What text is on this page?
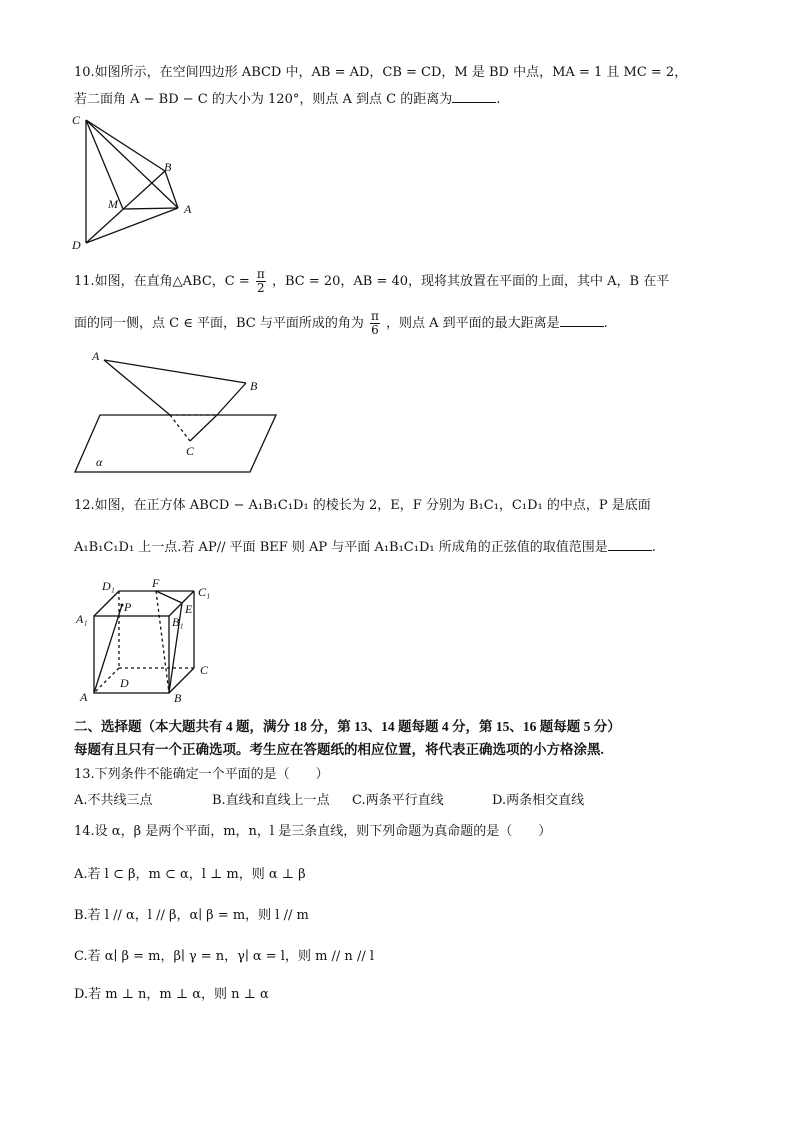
10.如图所示，在空间四边形 ABCD 中，AB = AD，CB = CD，M 是 BD 中点，MA = 1 且 MC = 2，
若二面角 A − BD − C 的大小为 120°，则点 A 到点 C 的距离为	.
C
B
M	A
D
11.如图，在直角△ABC，$C = \frac{\pi}{2}$ ，BC = 20，AB = 40，现将其放置在平面的上面，其中 A，B 在平
面的同一侧，点 C ∈ 平面，BC 与平面所成的角为 $\frac{\pi}{6}$ ，则点 A 到平面的最大距离是	.
A
B
C
α
12.如图，在正方体 ABCD − A₁B₁C₁D₁ 的棱长为 2，E，F 分别为 B₁C₁，C₁D₁ 的中点，P 是底面
A₁B₁C₁D₁ 上一点.若 AP// 平面 BEF 则 AP 与平面 A₁B₁C₁D₁ 所成角的正弦值的取值范围是	.
D₁	F
C₁
P	E
A₁	B₁
C
D
A	B
二、选择题（本大题共有 4 题，满分 18 分，第 13、14 题每题 4 分，第 15、16 题每题 5 分）
每题有且只有一个正确选项。考生应在答题纸的相应位置，将代表正确选项的小方格涂黑.
13.下列条件不能确定一个平面的是（　　）
A.不共线三点	B.直线和直线上一点 C.两条平行直线	D.两条相交直线
14.设 α，β 是两个平面，m，n，l 是三条直线，则下列命题为真命题的是（　　）
A.若 l ⊂ β，m ⊂ α，l ⊥ m，则 α ⊥ β
B.若 l // α，l // β，α∣ β = m，则 l // m
C.若 α∣ β = m，β∣ γ = n，γ∣ α = l，则 m // n // l
D.若 m ⊥ n，m ⊥ α，则 n ⊥ α
